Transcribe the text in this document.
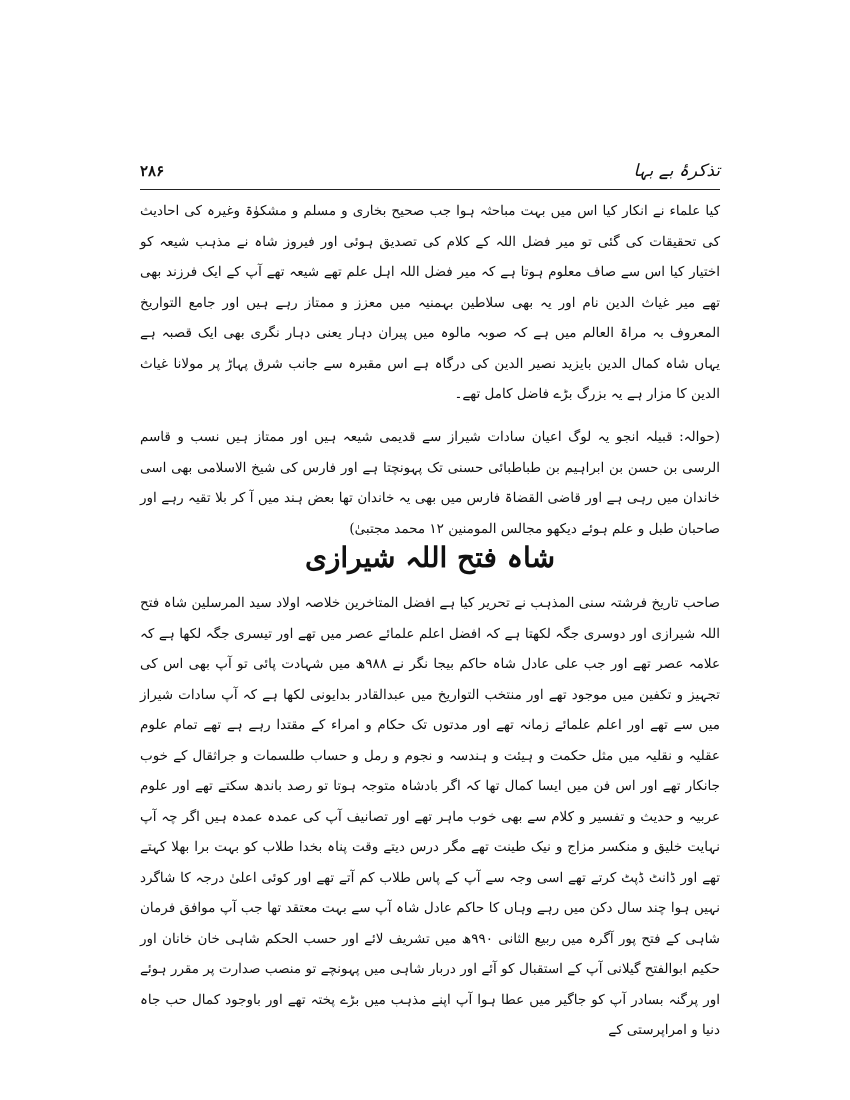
تذکرۂ بے بہا
۲۸۶

کیا علماء نے انکار کیا اس میں بہت مباحثہ ہوا جب صحیح بخاری و مسلم و مشکوٰۃ وغیرہ کی احادیث کی تحقیقات کی گئی تو میر فضل اللہ کے کلام کی تصدیق ہوئی اور فیروز شاہ نے مذہب شیعہ کو اختیار کیا اس سے صاف معلوم ہوتا ہے کہ میر فضل اللہ اہل علم تھے شیعہ تھے آپ کے ایک فرزند بھی تھے میر غیاث الدین نام اور یہ بھی سلاطین بہمنیہ میں معزز و ممتاز رہے ہیں اور جامع التواریخ المعروف بہ مراۃ العالم میں ہے کہ صوبہ مالوہ میں پیران دہار یعنی دہار نگری بھی ایک قصبہ ہے یہاں شاہ کمال الدین بایزید نصیر الدین کی درگاہ ہے اس مقبرہ سے جانب شرق پہاڑ پر مولانا غیاث الدین کا مزار ہے یہ بزرگ بڑے فاضل کامل تھے۔

(حوالہ: قبیلہ انجو یہ لوگ اعیان سادات شیراز سے قدیمی شیعہ ہیں اور ممتاز ہیں نسب و قاسم الرسی بن حسن بن ابراہیم بن طباطبائی حسنی تک پہونچتا ہے اور فارس کی شیخ الاسلامی بھی اسی خاندان میں رہی ہے اور قاضی القضاۃ فارس میں بھی یہ خاندان تھا بعض ہند میں آ کر بلا تقیہ رہے اور صاحبان طبل و علم ہوئے دیکھو مجالس المومنین ۱۲ محمد مجتبیٰ)

شاہ فتح اللہ شیرازی

صاحب تاریخ فرشتہ سنی المذہب نے تحریر کیا ہے افضل المتاخرین خلاصہ اولاد سید المرسلین شاہ فتح اللہ شیرازی اور دوسری جگہ لکھتا ہے کہ افضل اعلم علمائے عصر میں تھے اور تیسری جگہ لکھا ہے کہ علامہ عصر تھے اور جب علی عادل شاہ حاکم بیجا نگر نے ۹۸۸ھ میں شہادت پائی تو آپ بھی اس کی تجہیز و تکفین میں موجود تھے اور منتخب التواریخ میں عبدالقادر بدایونی لکھا ہے کہ آپ سادات شیراز میں سے تھے اور اعلم علمائے زمانہ تھے اور مدتوں تک حکام و امراء کے مقتدا رہے ہے تھے تمام علوم عقلیہ و نقلیہ میں مثل حکمت و ہیئت و ہندسہ و نجوم و رمل و حساب طلسمات و جراثقال کے خوب جانکار تھے اور اس فن میں ایسا کمال تھا کہ اگر بادشاہ متوجہ ہوتا تو رصد باندھ سکتے تھے اور علوم عربیہ و حدیث و تفسیر و کلام سے بھی خوب ماہر تھے اور تصانیف آپ کی عمدہ عمدہ ہیں اگر چہ آپ نہایت خلیق و منکسر مزاج و نیک طینت تھے مگر درس دیتے وقت پناہ بخدا طلاب کو بہت برا بھلا کہتے تھے اور ڈانٹ ڈپٹ کرتے تھے اسی وجہ سے آپ کے پاس طلاب کم آتے تھے اور کوئی اعلیٰ درجہ کا شاگرد نہیں ہوا چند سال دکن میں رہے وہاں کا حاکم عادل شاہ آپ سے بہت معتقد تھا جب آپ موافق فرمان شاہی کے فتح پور آگرہ میں ربیع الثانی ۹۹۰ھ میں تشریف لائے اور حسب الحکم شاہی خان خانان اور حکیم ابوالفتح گیلانی آپ کے استقبال کو آئے اور دربار شاہی میں پہونچے تو منصب صدارت پر مقرر ہوئے اور پرگنہ بسادر آپ کو جاگیر میں عطا ہوا آپ اپنے مذہب میں بڑے پختہ تھے اور باوجود کمال حب جاہ دنیا و امراپرستی کے
